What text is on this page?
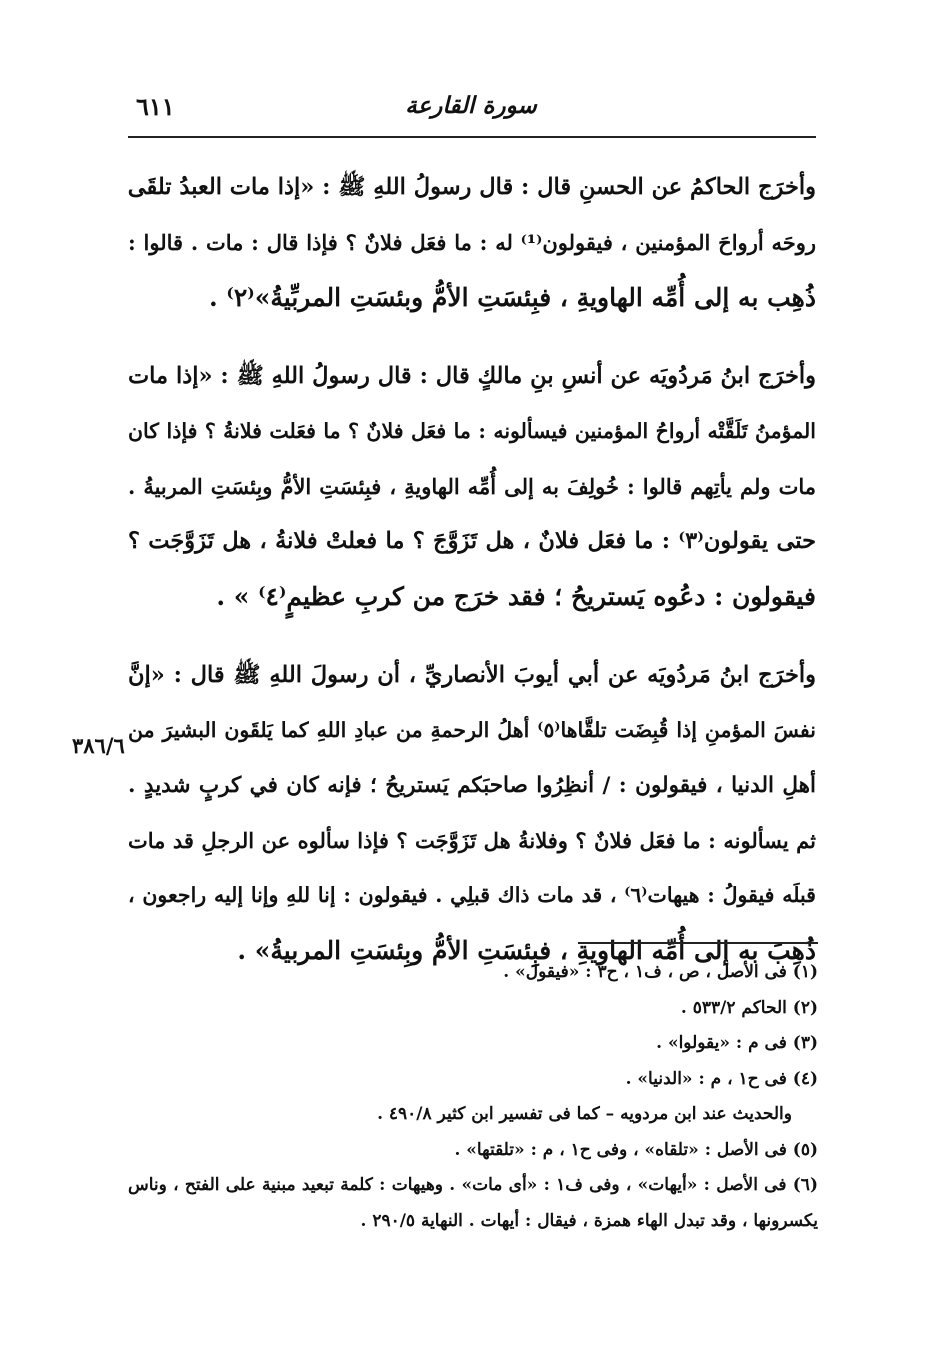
سورة القارعة
٦١١
وأخرَج الحاكمُ عن الحسنِ قال : قال رسولُ اللهِ ﷺ : «إذا مات العبدُ تلقَى
روحَه أرواحَ المؤمنين ، فيقولون⁽¹⁾ له : ما فعَل فلانٌ ؟ فإذا قال : مات . قالوا :
ذُهِب به إلى أُمِّه الهاويةِ ، فبِئسَتِ الأمُّ وبئسَتِ المربِّيةُ»⁽٢⁾ .
وأخرَج ابنُ مَردُويَه عن أنسِ بنِ مالكٍ قال : قال رسولُ اللهِ ﷺ : «إذا مات
المؤمنُ تَلَقَّتْه أرواحُ المؤمنين فيسألونه : ما فعَل فلانٌ ؟ ما فعَلت فلانةُ ؟ فإذا كان
مات ولم يأتِهم قالوا : خُولِفَ به إلى أُمِّه الهاويةِ ، فبِئسَتِ الأمُّ وبِئسَتِ المربيةُ .
حتى يقولون⁽٣⁾ : ما فعَل فلانٌ ، هل تَزَوَّجَ ؟ ما فعلتْ فلانةُ ، هل تَزَوَّجَت ؟
فيقولون : دعُوه يَستريحُ ؛ فقد خرَج من كربِ عظيمٍ⁽٤⁾ » .
وأخرَج ابنُ مَردُويَه عن أبي أيوبَ الأنصاريِّ ، أن رسولَ اللهِ ﷺ قال : «إنَّ
نفسَ المؤمنِ إذا قُبِضَت تلقَّاها⁽٥⁾ أهلُ الرحمةِ من عبادِ اللهِ كما يَلقَون البشيرَ من
أهلِ الدنيا ، فيقولون : / أنظِرُوا صاحبَكم يَستريحُ ؛ فإنه كان في كربٍ شديدٍ .
ثم يسألونه : ما فعَل فلانٌ ؟ وفلانةُ هل تَزَوَّجَت ؟ فإذا سألوه عن الرجلِ قد مات
قبلَه فيقولُ : هيهات⁽٦⁾ ، قد مات ذاك قبلِي . فيقولون : إنا للهِ وإنا إليه راجعون ،
ذُهِبَ به إلى أُمِّه الهاويةِ ، فبِئسَتِ الأمُّ وبِئسَتِ المربيةُ» .
٣٨٦/٦
(١) فى الأصل ، ص ، ف١ ، ح٣ : «فيقول» .
(٢) الحاكم ٥٣٣/٢ .
(٣) فى م : «يقولوا» .
(٤) فى ح١ ، م : «الدنيا» .
والحديث عند ابن مردويه – كما فى تفسير ابن كثير ٤٩٠/٨ .
(٥) فى الأصل : «تلقاه» ، وفى ح١ ، م : «تلقتها» .
(٦) فى الأصل : «أيهات» ، وفى ف١ : «أى مات» . وهيهات : كلمة تبعيد مبنية على الفتح ، وناس
يكسرونها ، وقد تبدل الهاء همزة ، فيقال : أيهات . النهاية ٢٩٠/٥ .
